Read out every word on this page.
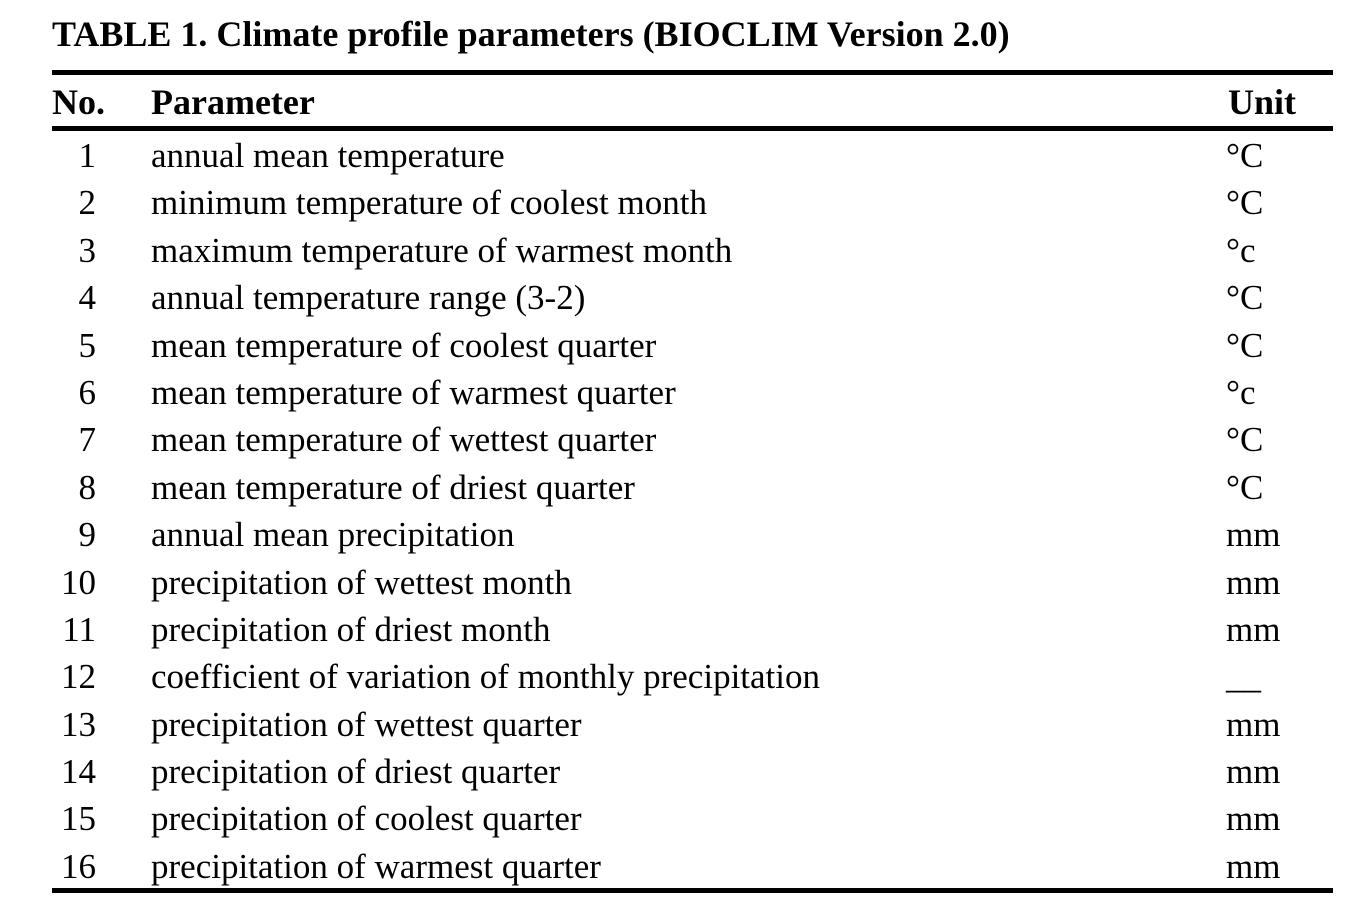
TABLE 1. Climate profile parameters (BIOCLIM Version 2.0)
No. Parameter	Unit
1 annual mean temperature	°C
2 minimum temperature of coolest month	°C
3 maximum temperature of warmest month	°c
4 annual temperature range (3-2)	°C
5 mean temperature of coolest quarter	°C
6 mean temperature of warmest quarter	°c
7 mean temperature of wettest quarter	°C
8 mean temperature of driest quarter	°C
9 annual mean precipitation	mm
10 precipitation of wettest month	mm
11 precipitation of driest month	mm
12 coefficient of variation of monthly precipitation	__
13 precipitation of wettest quarter	mm
14 precipitation of driest quarter	mm
15 precipitation of coolest quarter	mm
16 precipitation of warmest quarter	mm
